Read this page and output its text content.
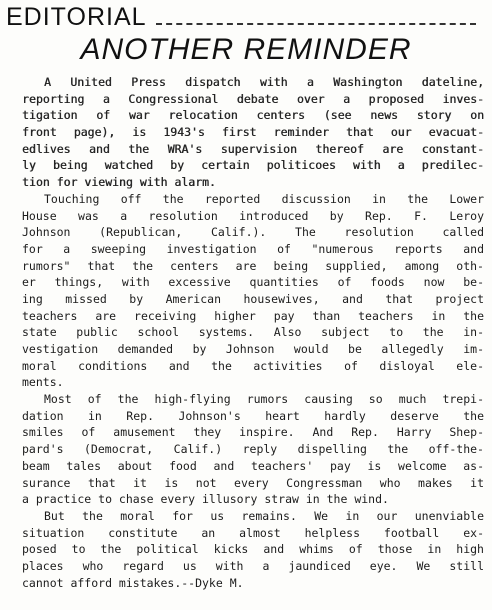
EDITORIAL
ANOTHER REMINDER
A United Press dispatch with a Washington dateline,
reporting a Congressional debate over a proposed inves-
tigation of war relocation centers (see news story on
front page), is 1943's first reminder that our evacuat-
edlives and the WRA's supervision thereof are constant-
ly being watched by certain politicoes with a predilec-
tion for viewing with alarm.
Touching off the reported discussion in the Lower
House was a resolution introduced by Rep. F. Leroy
Johnson (Republican, Calif.). The resolution called
for a sweeping investigation of "numerous reports and
rumors" that the centers are being supplied, among oth-
er things, with excessive quantities of foods now be-
ing missed by American housewives, and that project
teachers are receiving higher pay than teachers in the
state public school systems. Also subject to the in-
vestigation demanded by Johnson would be allegedly im-
moral conditions and the activities of disloyal ele-
ments.
Most of the high-flying rumors causing so much trepi-
dation in Rep. Johnson's heart hardly deserve the
smiles of amusement they inspire. And Rep. Harry Shep-
pard's (Democrat, Calif.) reply dispelling the off-the-
beam tales about food and teachers' pay is welcome as-
surance that it is not every Congressman who makes it
a practice to chase every illusory straw in the wind.
But the moral for us remains. We in our unenviable
situation constitute an almost helpless football ex-
posed to the political kicks and whims of those in high
places who regard us with a jaundiced eye. We still
cannot afford mistakes.--Dyke M.
